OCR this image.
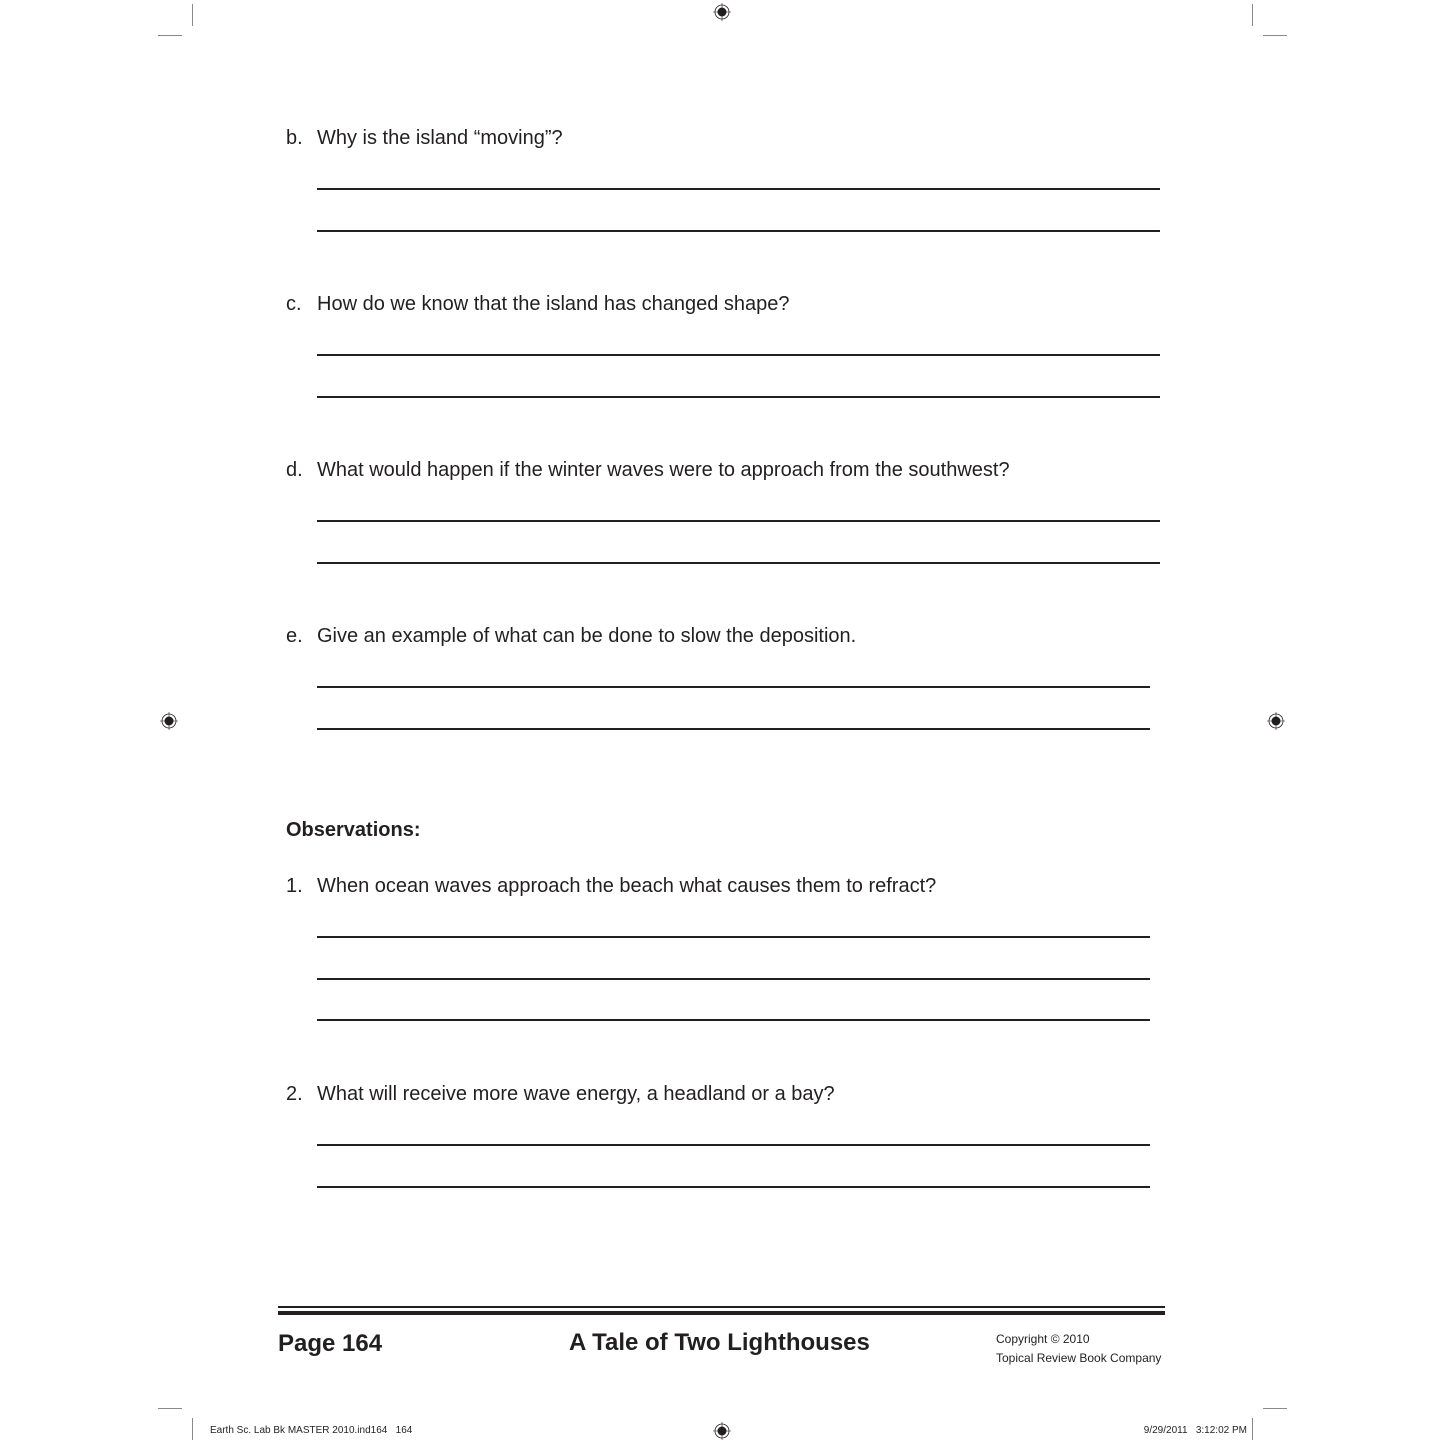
b. Why is the island “moving”?
c. How do we know that the island has changed shape?
d. What would happen if the winter waves were to approach from the southwest?
e. Give an example of what can be done to slow the deposition.
Observations:
1. When ocean waves approach the beach what causes them to refract?
2. What will receive more wave energy, a headland or a bay?
Page 164	A Tale of Two Lighthouses	Copyright © 2010
Topical Review Book Company
Earth Sc. Lab Bk MASTER 2010.ind164   164	9/29/2011   3:12:02 PM
